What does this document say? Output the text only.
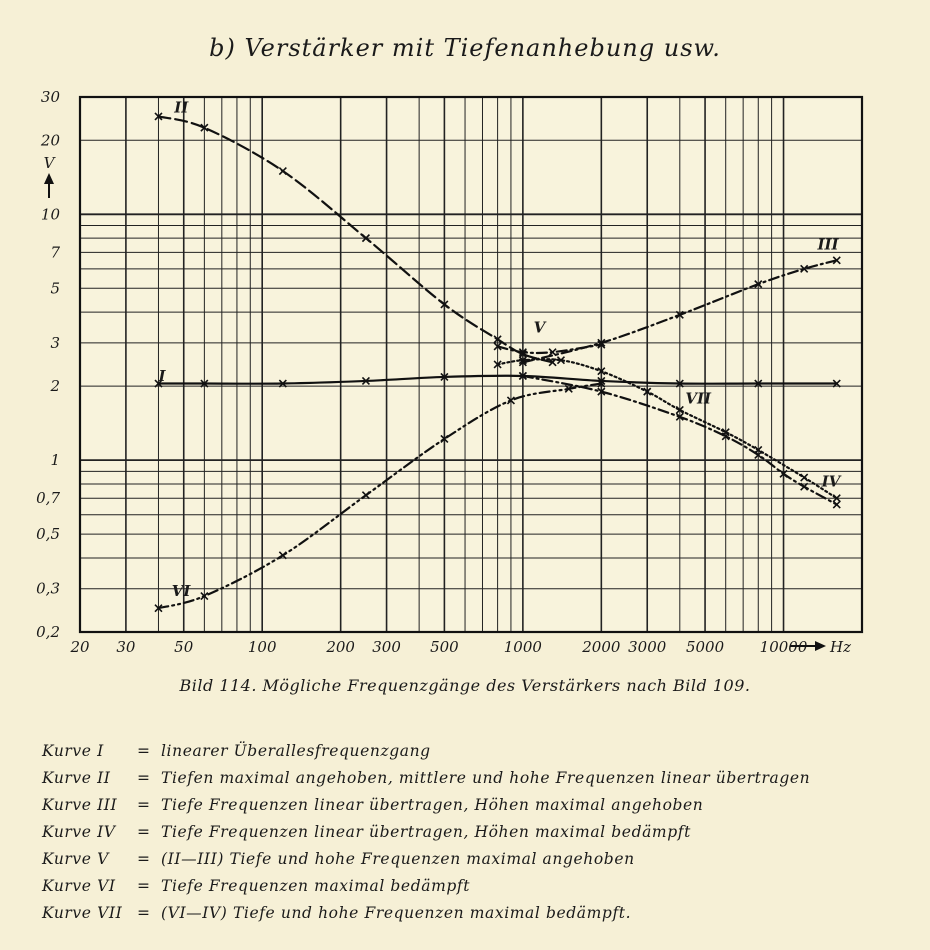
b) Verstärker mit Tiefenanhebung usw.
20 30	50	100	200 300 500	1000	2000 3000 5000 10000 Hz
0,2
0,3
0,5
0,7
1
2
3
5
7
10
20
30
V
I
II
III
IV
V
VI
VII
Bild 114. Mögliche Frequenzgänge des Verstärkers nach Bild 109.
Kurve I	= linearer Überallesfrequenzgang
Kurve II	= Tiefen maximal angehoben, mittlere und hohe Frequenzen linear übertragen
Kurve III	= Tiefe Frequenzen linear übertragen, Höhen maximal angehoben
Kurve IV	= Tiefe Frequenzen linear übertragen, Höhen maximal bedämpft
Kurve V	= (II—III) Tiefe und hohe Frequenzen maximal angehoben
Kurve VI	= Tiefe Frequenzen maximal bedämpft
Kurve VII = (VI—IV) Tiefe und hohe Frequenzen maximal bedämpft.
